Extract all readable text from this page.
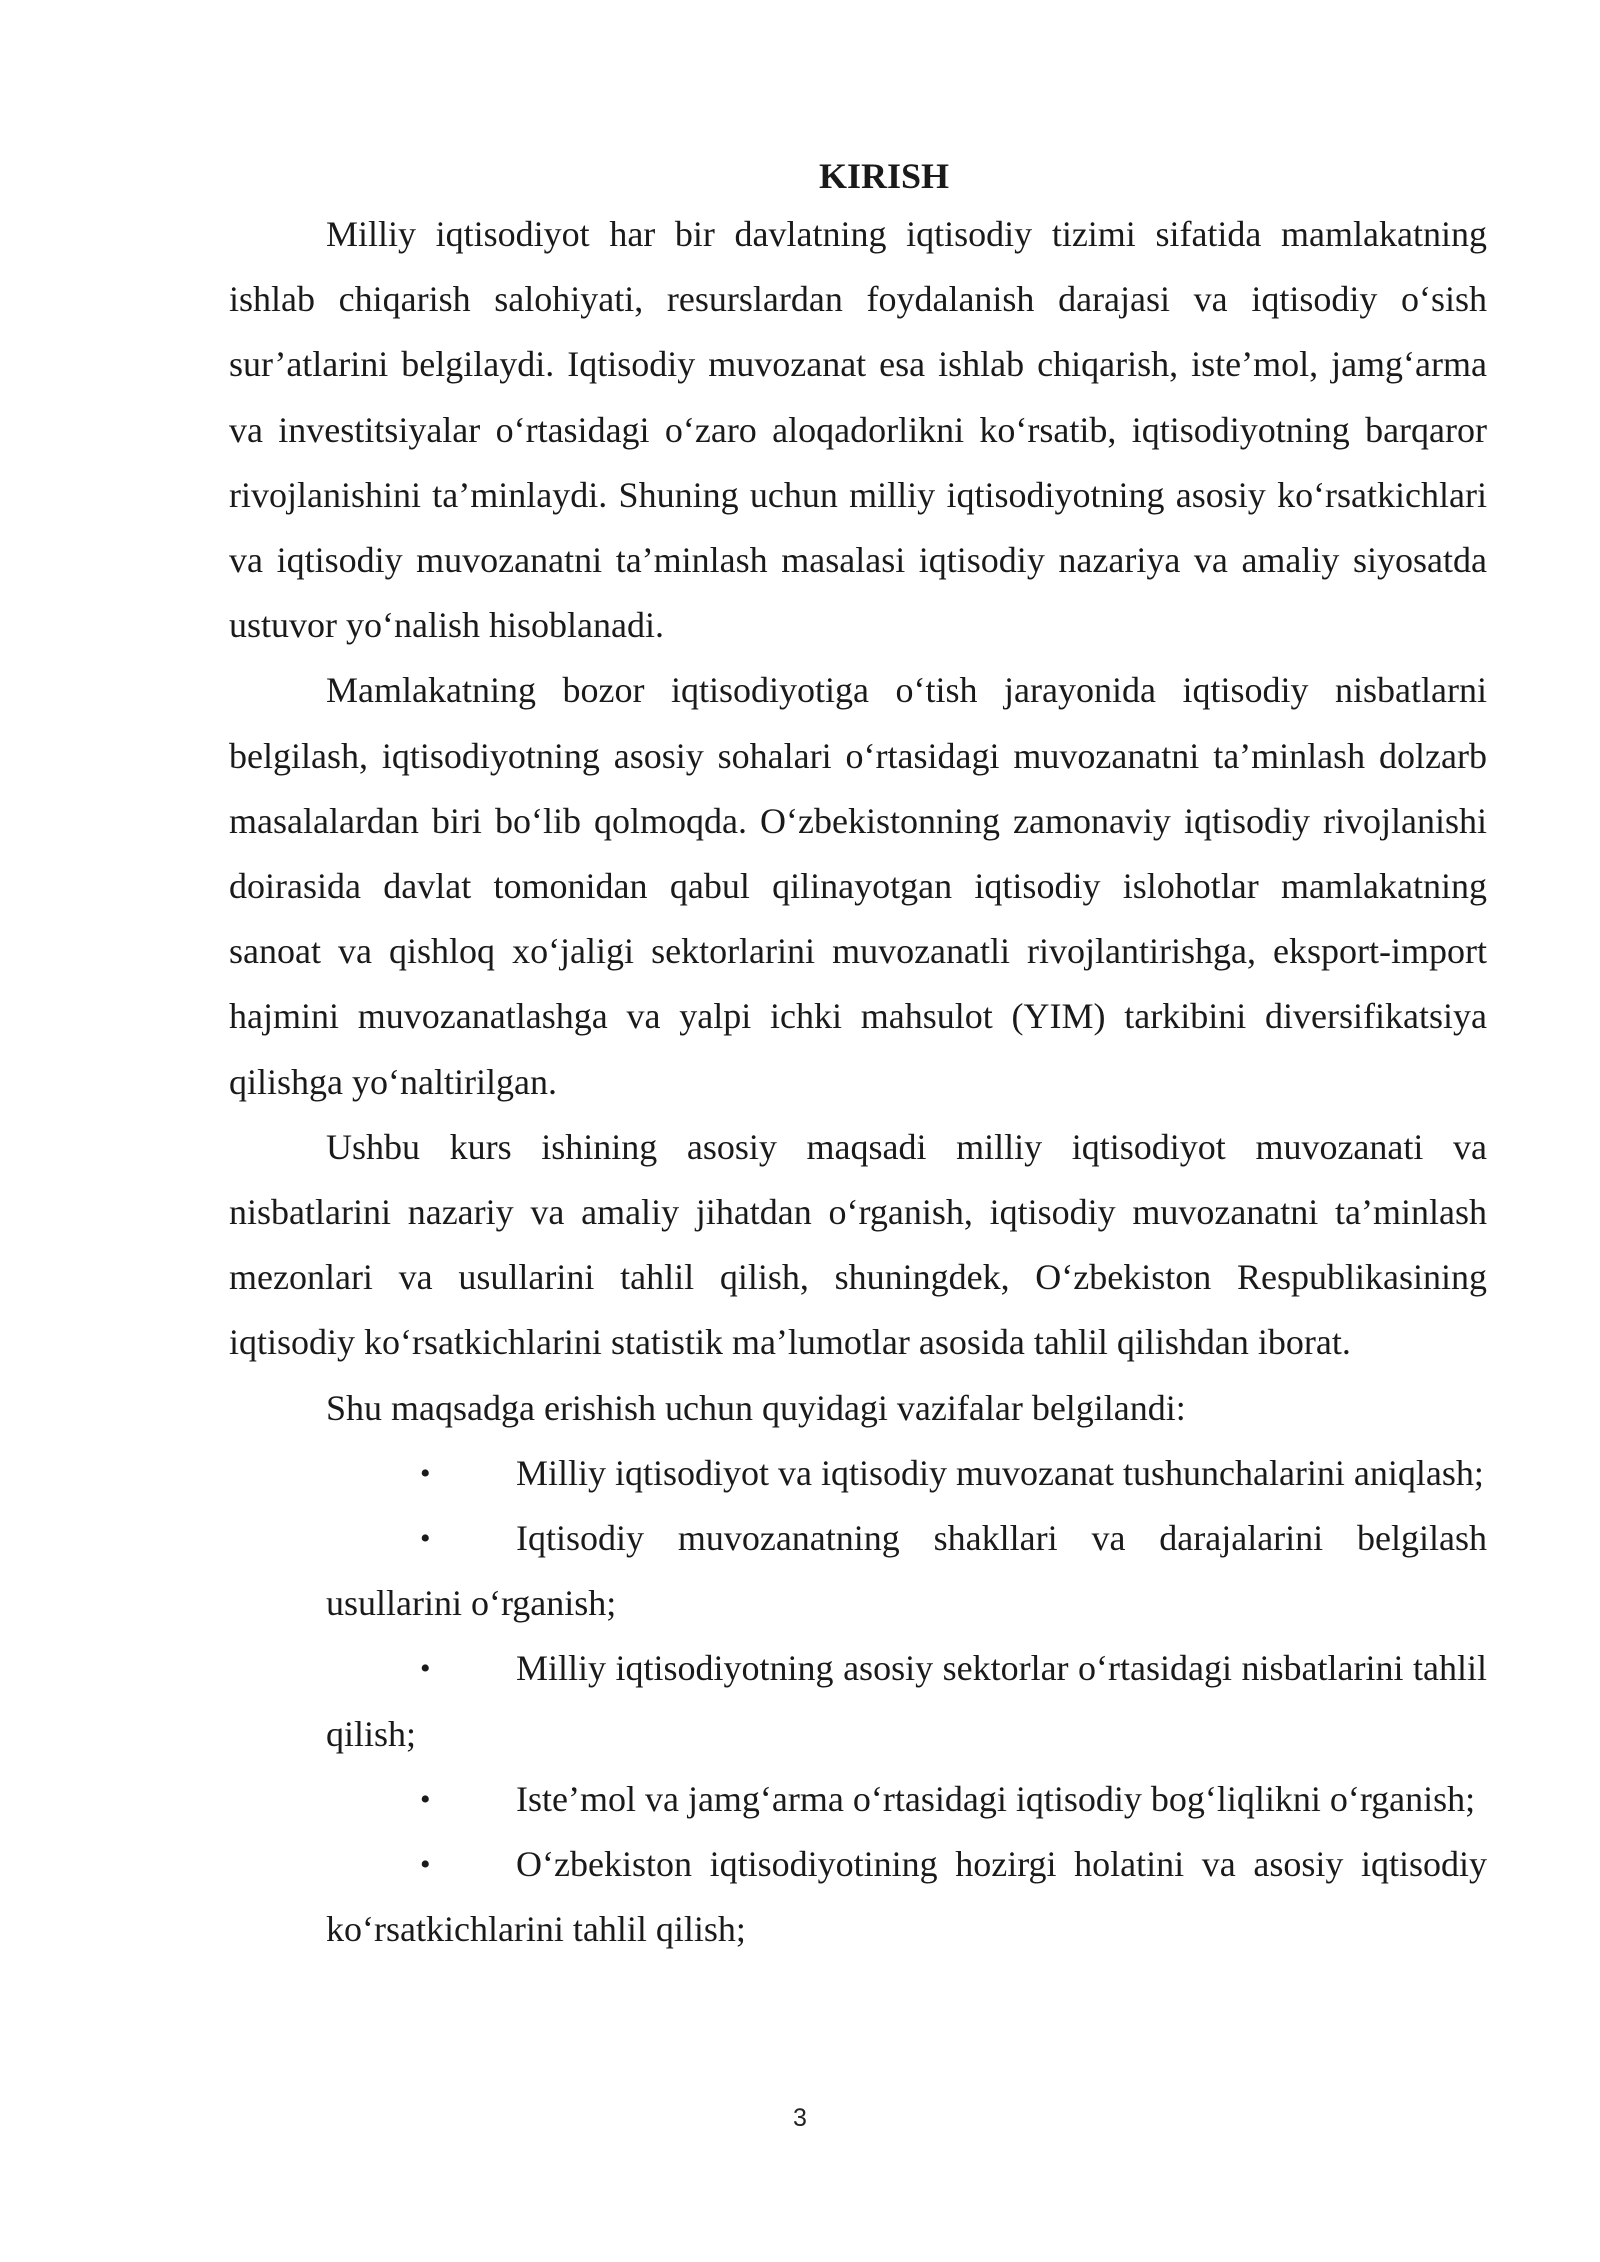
KIRISH

Milliy iqtisodiyot har bir davlatning iqtisodiy tizimi sifatida mamlakatning ishlab chiqarish salohiyati, resurslardan foydalanish darajasi va iqtisodiy o‘sish sur’atlarini belgilaydi. Iqtisodiy muvozanat esa ishlab chiqarish, iste’mol, jamg‘arma va investitsiyalar o‘rtasidagi o‘zaro aloqadorlikni ko‘rsatib, iqtisodiyotning barqaror rivojlanishini ta’minlaydi. Shuning uchun milliy iqtisodiyotning asosiy ko‘rsatkichlari va iqtisodiy muvozanatni ta’minlash masalasi iqtisodiy nazariya va amaliy siyosatda ustuvor yo‘nalish hisoblanadi.

Mamlakatning bozor iqtisodiyotiga o‘tish jarayonida iqtisodiy nisbatlarni belgilash, iqtisodiyotning asosiy sohalari o‘rtasidagi muvozanatni ta’minlash dolzarb masalalardan biri bo‘lib qolmoqda. O‘zbekistonning zamonaviy iqtisodiy rivojlanishi doirasida davlat tomonidan qabul qilinayotgan iqtisodiy islohotlar mamlakatning sanoat va qishloq xo‘jaligi sektorlarini muvozanatli rivojlantirishga, eksport-import hajmini muvozanatlashga va yalpi ichki mahsulot (YIM) tarkibini diversifikatsiya qilishga yo‘naltirilgan.

Ushbu kurs ishining asosiy maqsadi milliy iqtisodiyot muvozanati va nisbatlarini nazariy va amaliy jihatdan o‘rganish, iqtisodiy muvozanatni ta’minlash mezonlari va usullarini tahlil qilish, shuningdek, O‘zbekiston Respublikasining iqtisodiy ko‘rsatkichlarini statistik ma’lumotlar asosida tahlil qilishdan iborat.

Shu maqsadga erishish uchun quyidagi vazifalar belgilandi:

• Milliy iqtisodiyot va iqtisodiy muvozanat tushunchalarini aniqlash;
• Iqtisodiy muvozanatning shakllari va darajalarini belgilash usullarini o‘rganish;
• Milliy iqtisodiyotning asosiy sektorlar o‘rtasidagi nisbatlarini tahlil qilish;
• Iste’mol va jamg‘arma o‘rtasidagi iqtisodiy bog‘liqlikni o‘rganish;
• O‘zbekiston iqtisodiyotining hozirgi holatini va asosiy iqtisodiy ko‘rsatkichlarini tahlil qilish;
3
